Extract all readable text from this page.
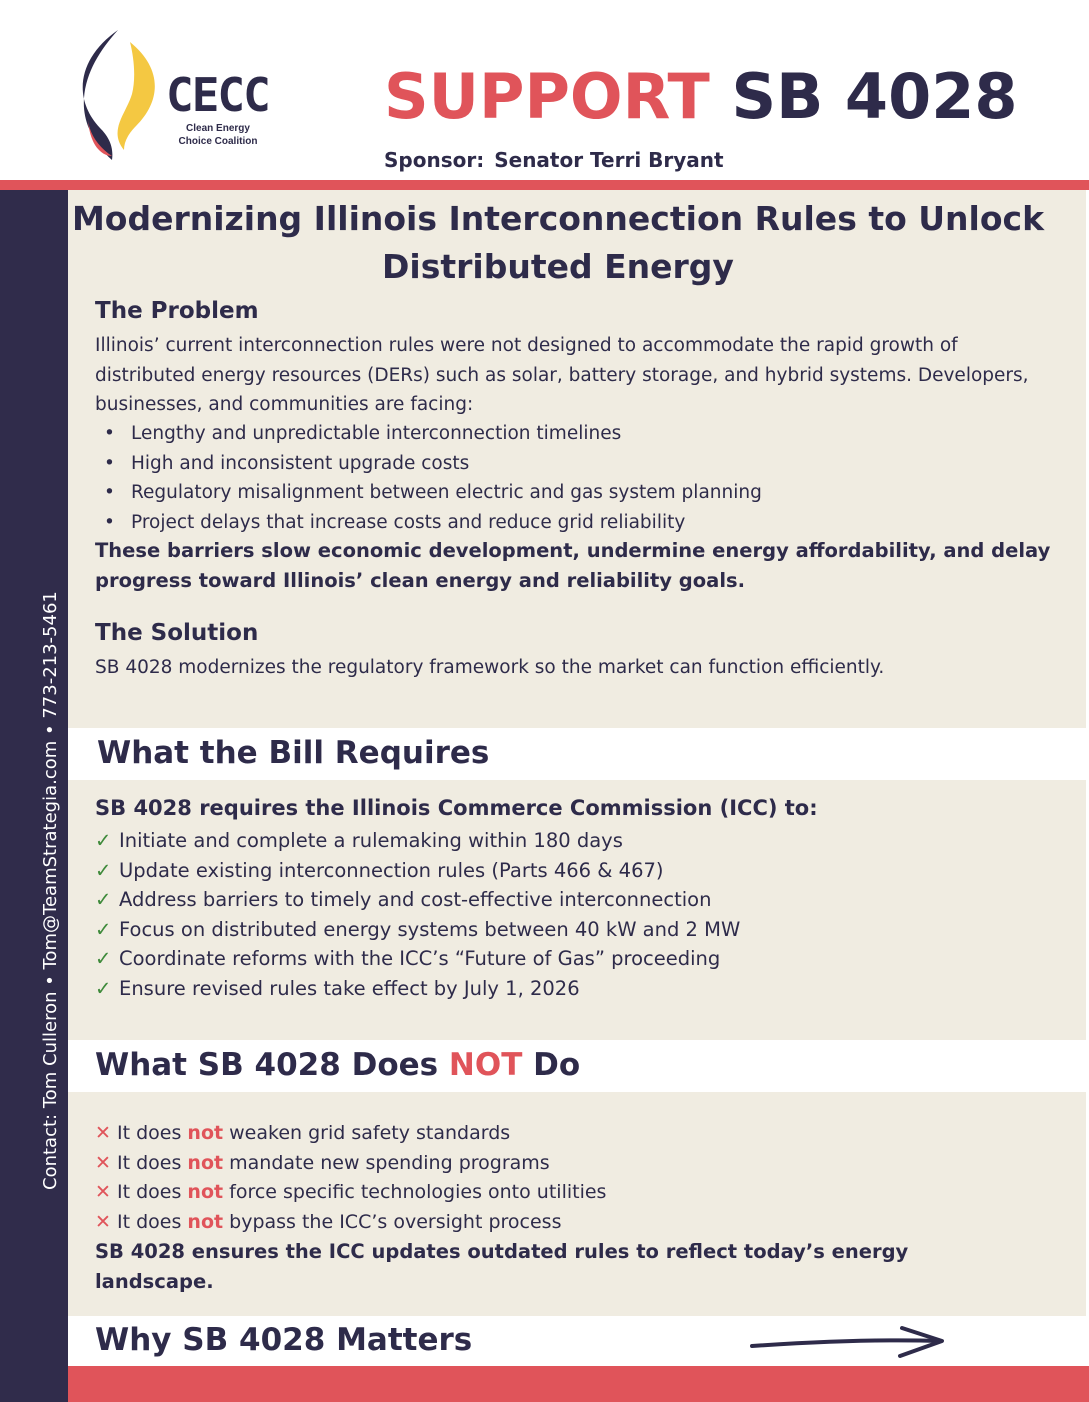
CECC
Clean Energy Choice Coalition
SUPPORT SB 4028
Sponsor: Senator Terri Bryant
Contact: Tom Culleron • Tom@TeamStrategia.com • 773-213-5461
Modernizing Illinois Interconnection Rules to Unlock Distributed Energy
The Problem
Illinois’ current interconnection rules were not designed to accommodate the rapid growth of distributed energy resources (DERs) such as solar, battery storage, and hybrid systems. Developers, businesses, and communities are facing:
• Lengthy and unpredictable interconnection timelines
• High and inconsistent upgrade costs
• Regulatory misalignment between electric and gas system planning
• Project delays that increase costs and reduce grid reliability
These barriers slow economic development, undermine energy affordability, and delay progress toward Illinois’ clean energy and reliability goals.
The Solution
SB 4028 modernizes the regulatory framework so the market can function efficiently.
What the Bill Requires
SB 4028 requires the Illinois Commerce Commission (ICC) to:
✓ Initiate and complete a rulemaking within 180 days
✓ Update existing interconnection rules (Parts 466 & 467)
✓ Address barriers to timely and cost-effective interconnection
✓ Focus on distributed energy systems between 40 kW and 2 MW
✓ Coordinate reforms with the ICC’s “Future of Gas” proceeding
✓ Ensure revised rules take effect by July 1, 2026
What SB 4028 Does NOT Do
✕ It does not weaken grid safety standards
✕ It does not mandate new spending programs
✕ It does not force specific technologies onto utilities
✕ It does not bypass the ICC’s oversight process
SB 4028 ensures the ICC updates outdated rules to reflect today’s energy landscape.
Why SB 4028 Matters
